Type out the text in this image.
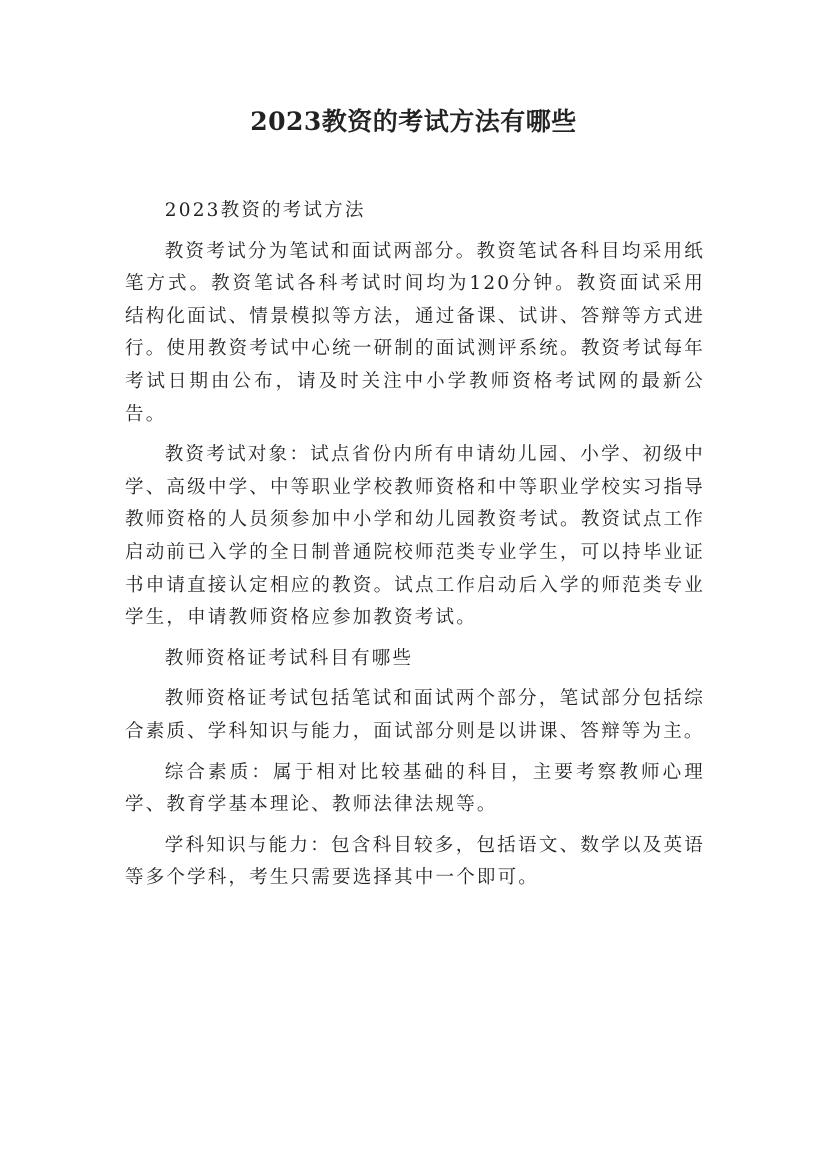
2023教资的考试方法有哪些

2023教资的考试方法

教资考试分为笔试和面试两部分。教资笔试各科目均采用纸笔方式。教资笔试各科考试时间均为120分钟。教资面试采用结构化面试、情景模拟等方法，通过备课、试讲、答辩等方式进行。使用教资考试中心统一研制的面试测评系统。教资考试每年考试日期由公布，请及时关注中小学教师资格考试网的最新公告。

教资考试对象：试点省份内所有申请幼儿园、小学、初级中学、高级中学、中等职业学校教师资格和中等职业学校实习指导教师资格的人员须参加中小学和幼儿园教资考试。教资试点工作启动前已入学的全日制普通院校师范类专业学生，可以持毕业证书申请直接认定相应的教资。试点工作启动后入学的师范类专业学生，申请教师资格应参加教资考试。

教师资格证考试科目有哪些

教师资格证考试包括笔试和面试两个部分，笔试部分包括综合素质、学科知识与能力，面试部分则是以讲课、答辩等为主。

综合素质：属于相对比较基础的科目，主要考察教师心理学、教育学基本理论、教师法律法规等。

学科知识与能力：包含科目较多，包括语文、数学以及英语等多个学科，考生只需要选择其中一个即可。
